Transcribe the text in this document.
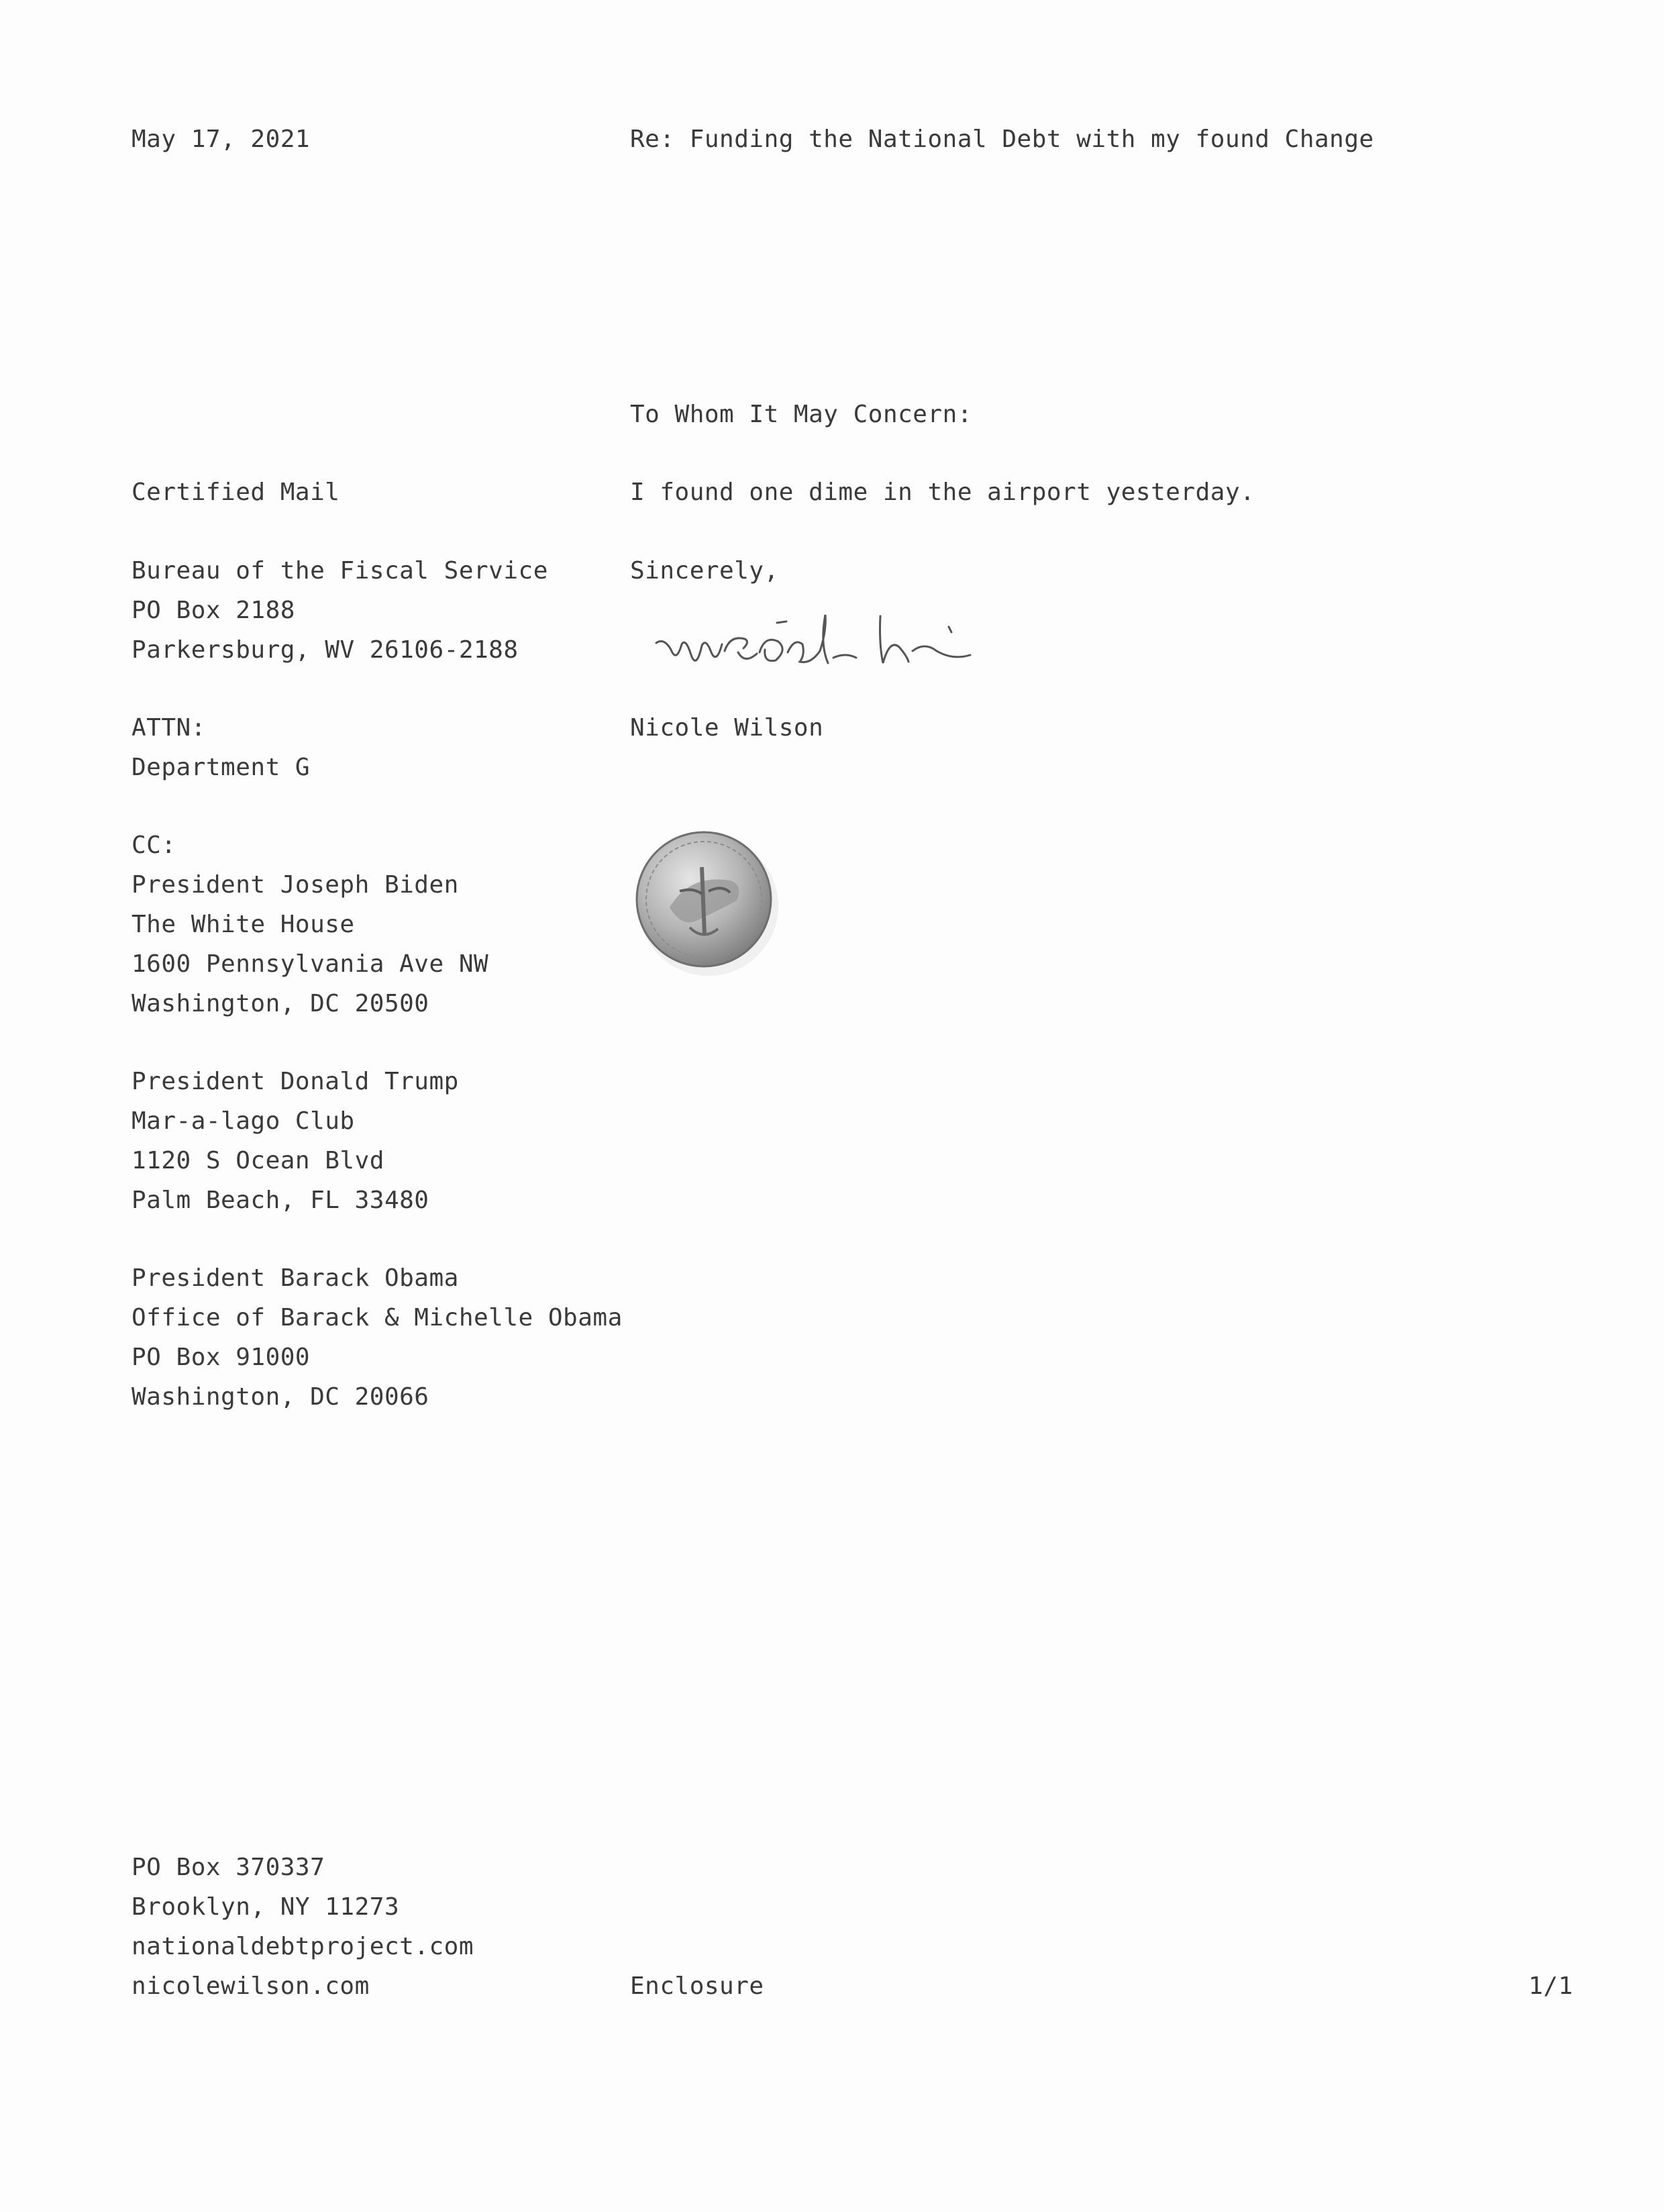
May 17, 2021	Re: Funding the National Debt with my found Change
To Whom It May Concern:
I found one dime in the airport yesterday.
Sincerely,
Nicole Wilson
Certified Mail
Bureau of the Fiscal Service
PO Box 2188
Parkersburg, WV 26106-2188
ATTN:
Department G
CC:
President Joseph Biden
The White House
1600 Pennsylvania Ave NW
Washington, DC 20500
President Donald Trump
Mar-a-lago Club
1120 S Ocean Blvd
Palm Beach, FL 33480
President Barack Obama
Office of Barack & Michelle Obama
PO Box 91000
Washington, DC 20066
PO Box 370337
Brooklyn, NY 11273
nationaldebtproject.com
nicolewilson.com	Enclosure	1/1
